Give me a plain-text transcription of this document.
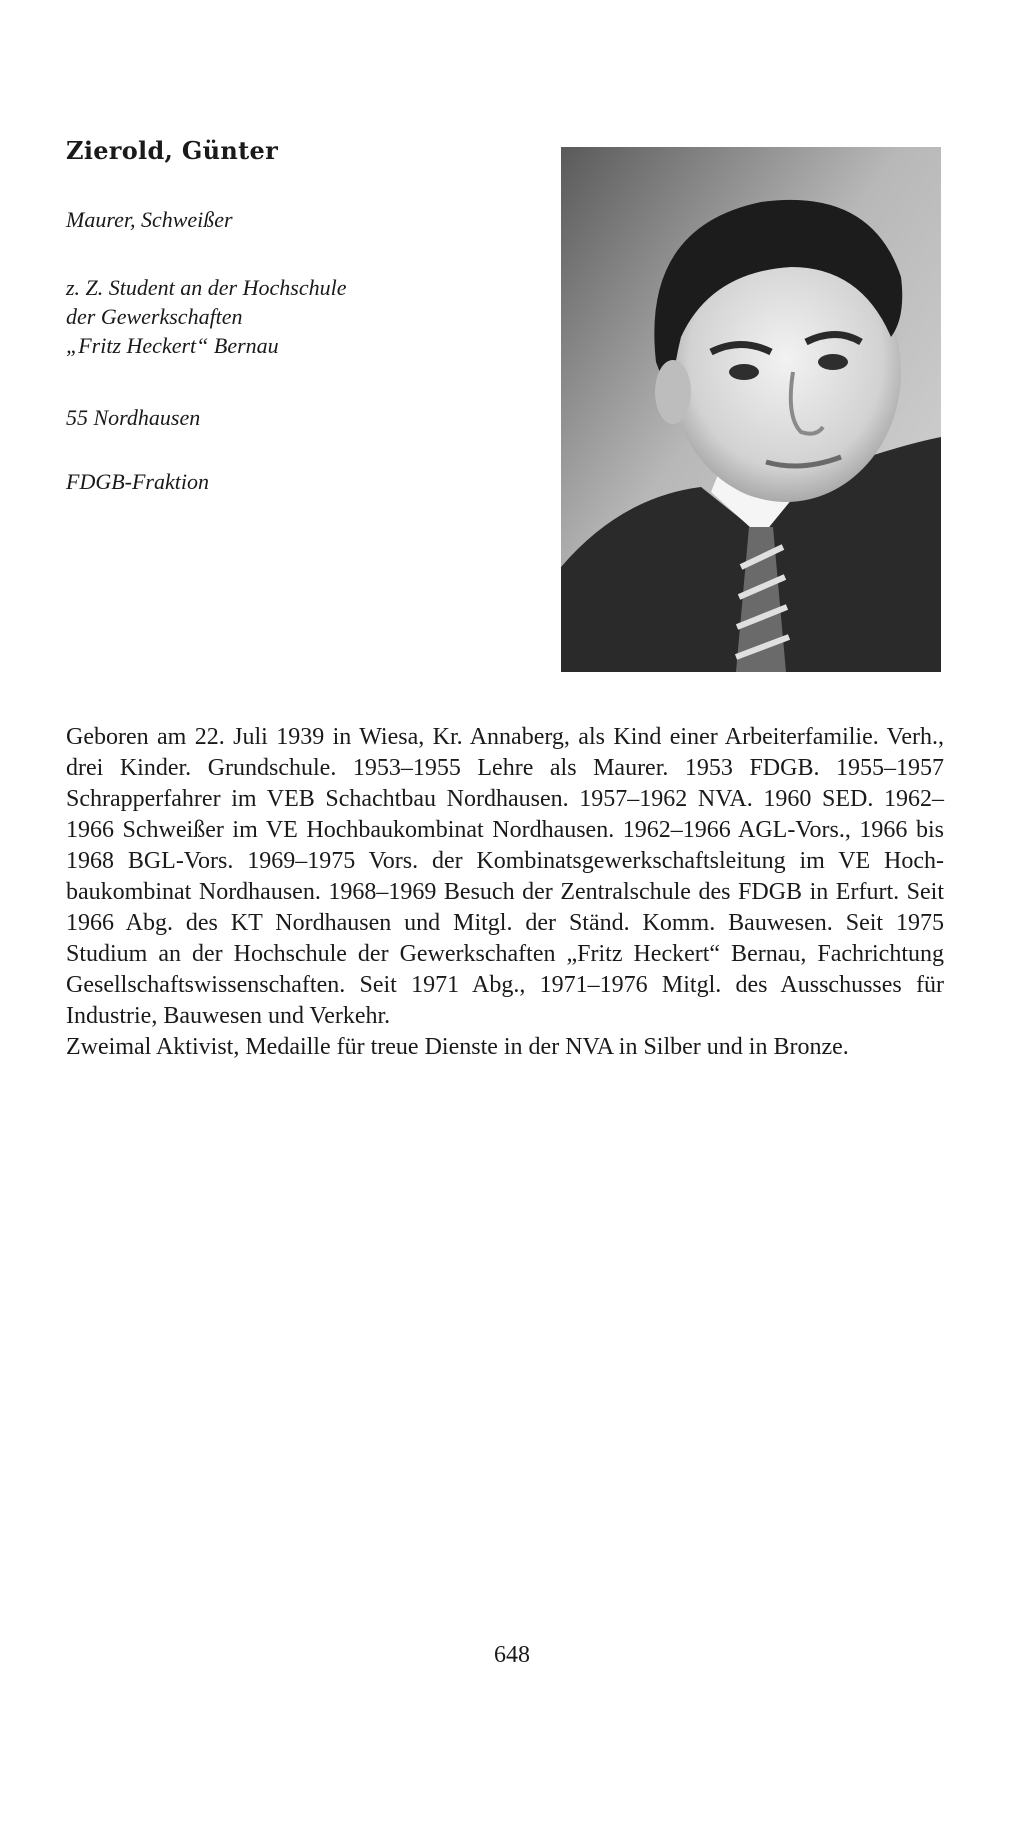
Zierold, Günter

Maurer, Schweißer

z. Z. Student an der Hochschule
der Gewerkschaften
„Fritz Heckert“ Bernau

55 Nordhausen

FDGB-Fraktion

Geboren am 22. Juli 1939 in Wiesa, Kr. Annaberg, als Kind einer Arbeiterfamilie. Verh., drei Kinder. Grundschule. 1953–1955 Lehre als Maurer. 1953 FDGB. 1955–1957 Schrapperfahrer im VEB Schachtbau Nordhausen. 1957–1962 NVA. 1960 SED. 1962–1966 Schweißer im VE Hochbaukombinat Nordhausen. 1962–1966 AGL-Vors., 1966 bis 1968 BGL-Vors. 1969–1975 Vors. der Kombinatsgewerkschaftsleitung im VE Hochbaukombinat Nordhausen. 1968–1969 Besuch der Zentralschule des FDGB in Erfurt. Seit 1966 Abg. des KT Nordhausen und Mitgl. der Ständ. Komm. Bauwesen. Seit 1975 Studium an der Hochschule der Gewerkschaften „Fritz Heckert“ Bernau, Fachrichtung Gesellschaftswissenschaften. Seit 1971 Abg., 1971–1976 Mitgl. des Ausschusses für Industrie, Bauwesen und Verkehr.

Zweimal Aktivist, Medaille für treue Dienste in der NVA in Silber und in Bronze.

648
